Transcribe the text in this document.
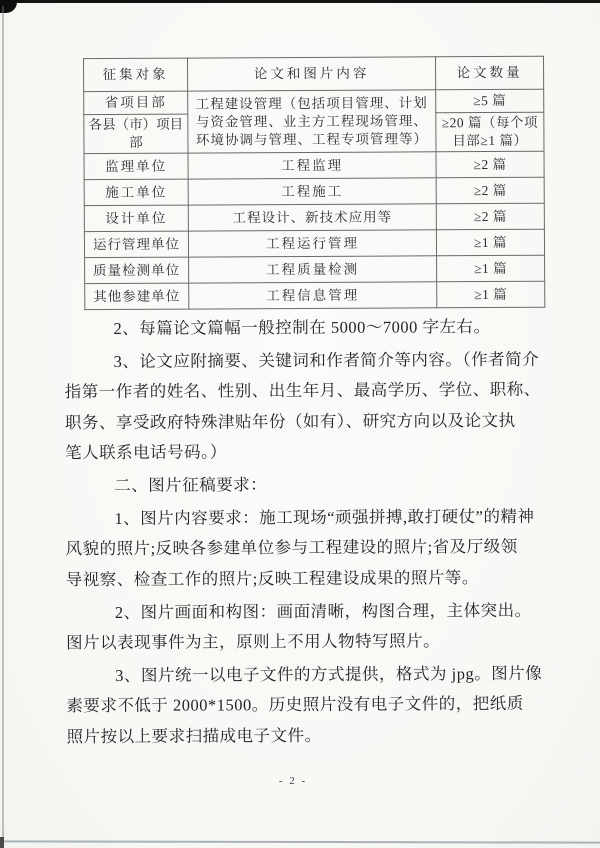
征集对象	论文和图片内容	论文数量
省项目部	工程建设管理（包括项目管理、计划与资金管理、业主方工程现场管理、环境协调与管理、工程专项管理等）	≥5 篇
各县（市）项目部		≥20 篇（每个项目部≥1 篇）
监理单位	工程监理	≥2 篇
施工单位	工程施工	≥2 篇
设计单位	工程设计、新技术应用等	≥2 篇
运行管理单位	工程运行管理	≥1 篇
质量检测单位	工程质量检测	≥1 篇
其他参建单位	工程信息管理	≥1 篇

2、每篇论文篇幅一般控制在 5000～7000 字左右。

3、论文应附摘要、关键词和作者简介等内容。（作者简介
指第一作者的姓名、性别、出生年月、最高学历、学位、职称、
职务、享受政府特殊津贴年份（如有）、研究方向以及论文执
笔人联系电话号码。）

二、图片征稿要求：

1、图片内容要求：施工现场“顽强拼搏,敢打硬仗”的精神
风貌的照片;反映各参建单位参与工程建设的照片;省及厅级领
导视察、检查工作的照片;反映工程建设成果的照片等。

2、图片画面和构图：画面清晰，构图合理，主体突出。
图片以表现事件为主，原则上不用人物特写照片。

3、图片统一以电子文件的方式提供，格式为 jpg。图片像
素要求不低于 2000*1500。历史照片没有电子文件的，把纸质
照片按以上要求扫描成电子文件。

- 2 -
